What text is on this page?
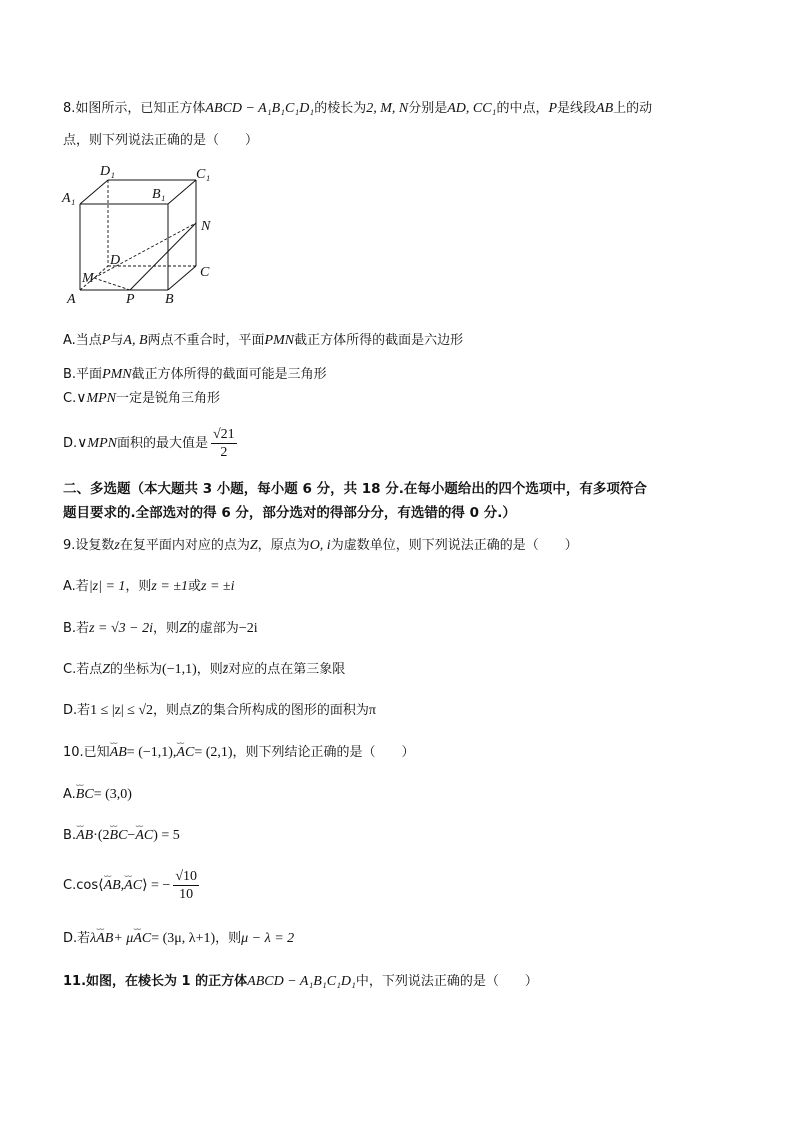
8.如图所示，已知正方体ABCD − A₁B₁C₁D₁的棱长为2, M, N分别是AD, CC₁的中点，P是线段AB上的动
点，则下列说法正确的是（　　）
A₁
D₁
B₁
C₁
N
C
D
M
A	P B
A.当点P与A, B两点不重合时，平面PMN截正方体所得的截面是六边形
B.平面PMN截正方体所得的截面可能是三角形
C.∨MPN一定是锐角三角形
D.∨MPN面积的最大值是 $\frac{√21}{2}$
二、多选题（本大题共 3 小题，每小题 6 分，共 18 分.在每小题给出的四个选项中，有多项符合
题目要求的.全部选对的得 6 分，部分选对的得部分分，有选错的得 0 分.）
9.设复数z在复平面内对应的点为Z，原点为O, i为虚数单位，则下列说法正确的是（　　）
A.若|z| = 1，则z = ±1或z = ±i
B.若z = √3 − 2i，则Z的虚部为−2i
C.若点Z的坐标为(−1,1)，则z̄对应的点在第三象限
D.若1 ≤ |z| ≤ √2，则点Z的集合所构成的图形的面积为π
10.已知⌣⌣ AB= (−1,1),⌣⌣ AC= (2,1)，则下列结论正确的是（　　）
A.⌣⌣ BC= (3,0)
B.⌣⌣ AB·(2⌣⌣ BC−⌣⌣ AC) = 5
C.cos⟨⌣⌣ AB,⌣⌣ AC⟩ = − $\frac{√10}{10}$
D.若λ⌣⌣ AB+ μ⌣⌣ AC= (3μ, λ+1)，则μ − λ = 2
11.如图，在棱长为 1 的正方体ABCD − A₁B₁C₁D₁中，下列说法正确的是（　　）
